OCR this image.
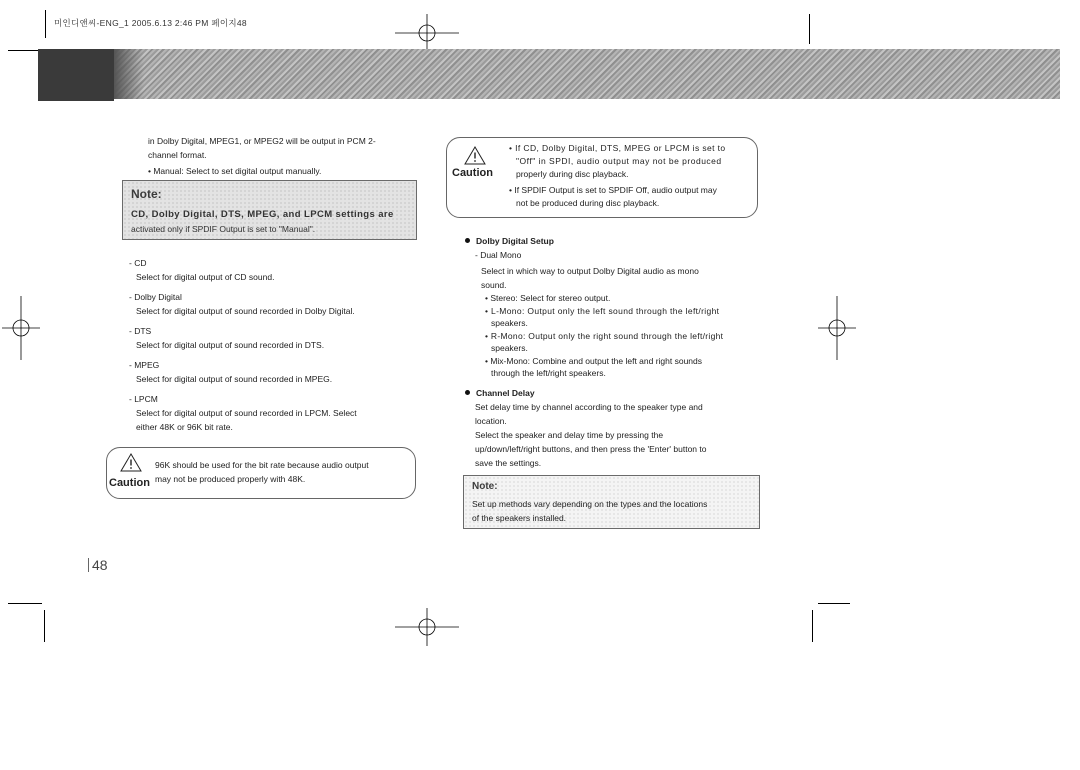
미인디앤씨-ENG_1 2005.6.13 2:46 PM 페이지48
in Dolby Digital, MPEG1, or MPEG2 will be output in PCM 2-
channel format.
• Manual: Select to set digital output manually.
Note:
CD, Dolby Digital, DTS, MPEG, and LPCM settings are
activated only if SPDIF Output is set to "Manual".
- CD
Select for digital output of CD sound.
- Dolby Digital
Select for digital output of sound recorded in Dolby Digital.
- DTS
Select for digital output of sound recorded in DTS.
- MPEG
Select for digital output of sound recorded in MPEG.
- LPCM
Select for digital output of sound recorded in LPCM. Select
either 48K or 96K bit rate.
Caution
96K should be used for the bit rate because audio output
may not be produced properly with 48K.
48
Caution
• If CD, Dolby Digital, DTS, MPEG or LPCM is set to
"Off" in SPDI, audio output may not be produced
properly during disc playback.
• If SPDIF Output is set to SPDIF Off, audio output may
not be produced during disc playback.
Dolby Digital Setup
- Dual Mono
Select in which way to output Dolby Digital audio as mono
sound.
• Stereo: Select for stereo output.
• L-Mono: Output only the left sound through the left/right
speakers.
• R-Mono: Output only the right sound through the left/right
speakers.
• Mix-Mono: Combine and output the left and right sounds
through the left/right speakers.
Channel Delay
Set delay time by channel according to the speaker type and
location.
Select the speaker and delay time by pressing the
up/down/left/right buttons, and then press the 'Enter' button to
save the settings.
Note:
Set up methods vary depending on the types and the locations
of the speakers installed.
